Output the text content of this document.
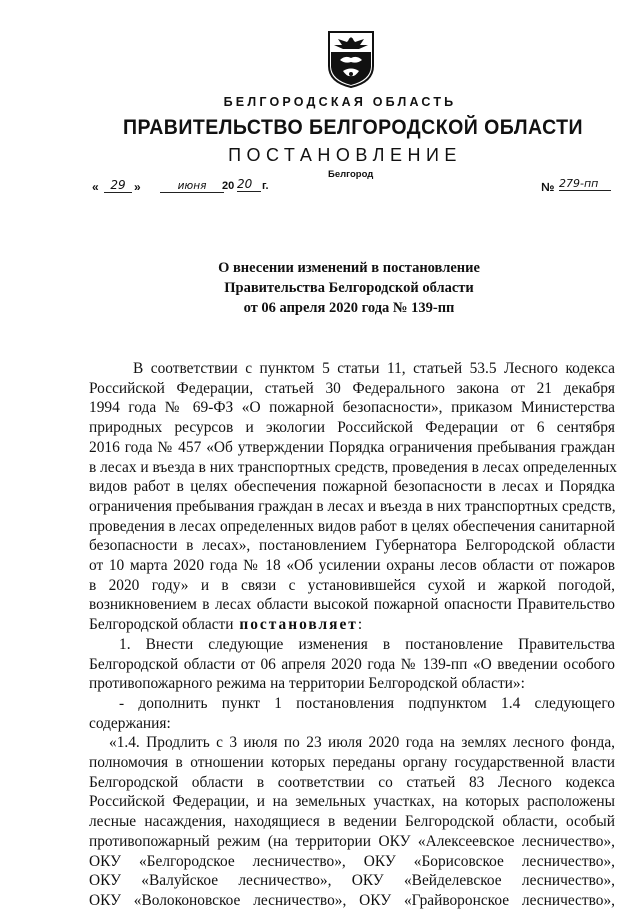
БЕЛГОРОДСКАЯ ОБЛАСТЬ
ПРАВИТЕЛЬСТВО БЕЛГОРОДСКОЙ ОБЛАСТИ
ПОСТАНОВЛЕНИЕ
Белгород
« 29 »	июня	20 20 г.	№ 279-пп
О внесении изменений в постановление
Правительства Белгородской области
от 06 апреля 2020 года № 139-пп
В соответствии с пунктом 5 статьи 11, статьей 53.5 Лесного кодекса
Российской Федерации, статьей 30 Федерального закона от 21 декабря
1994 года № 69-ФЗ «О пожарной безопасности», приказом Министерства
природных ресурсов и экологии Российской Федерации от 6 сентября
2016 года № 457 «Об утверждении Порядка ограничения пребывания граждан
в лесах и въезда в них транспортных средств, проведения в лесах определенных
видов работ в целях обеспечения пожарной безопасности в лесах и Порядка
ограничения пребывания граждан в лесах и въезда в них транспортных средств,
проведения в лесах определенных видов работ в целях обеспечения санитарной
безопасности в лесах», постановлением Губернатора Белгородской области
от 10 марта 2020 года № 18 «Об усилении охраны лесов области от пожаров
в 2020 году» и в связи с установившейся сухой и жаркой погодой,
возникновением в лесах области высокой пожарной опасности Правительство
Белгородской области постановляет:
1. Внести следующие изменения в постановление Правительства
Белгородской области от 06 апреля 2020 года № 139-пп «О введении особого
противопожарного режима на территории Белгородской области»:
- дополнить пункт 1 постановления подпунктом 1.4 следующего
содержания:
«1.4. Продлить с 3 июля по 23 июля 2020 года на землях лесного фонда,
полномочия в отношении которых переданы органу государственной власти
Белгородской области в соответствии со статьей 83 Лесного кодекса
Российской Федерации, и на земельных участках, на которых расположены
лесные насаждения, находящиеся в ведении Белгородской области, особый
противопожарный режим (на территории ОКУ «Алексеевское лесничество»,
ОКУ «Белгородское лесничество», ОКУ «Борисовское лесничество»,
ОКУ «Валуйское лесничество», ОКУ «Вейделевское лесничество»,
ОКУ «Волоконовское лесничество», ОКУ «Грайворонское лесничество»,
